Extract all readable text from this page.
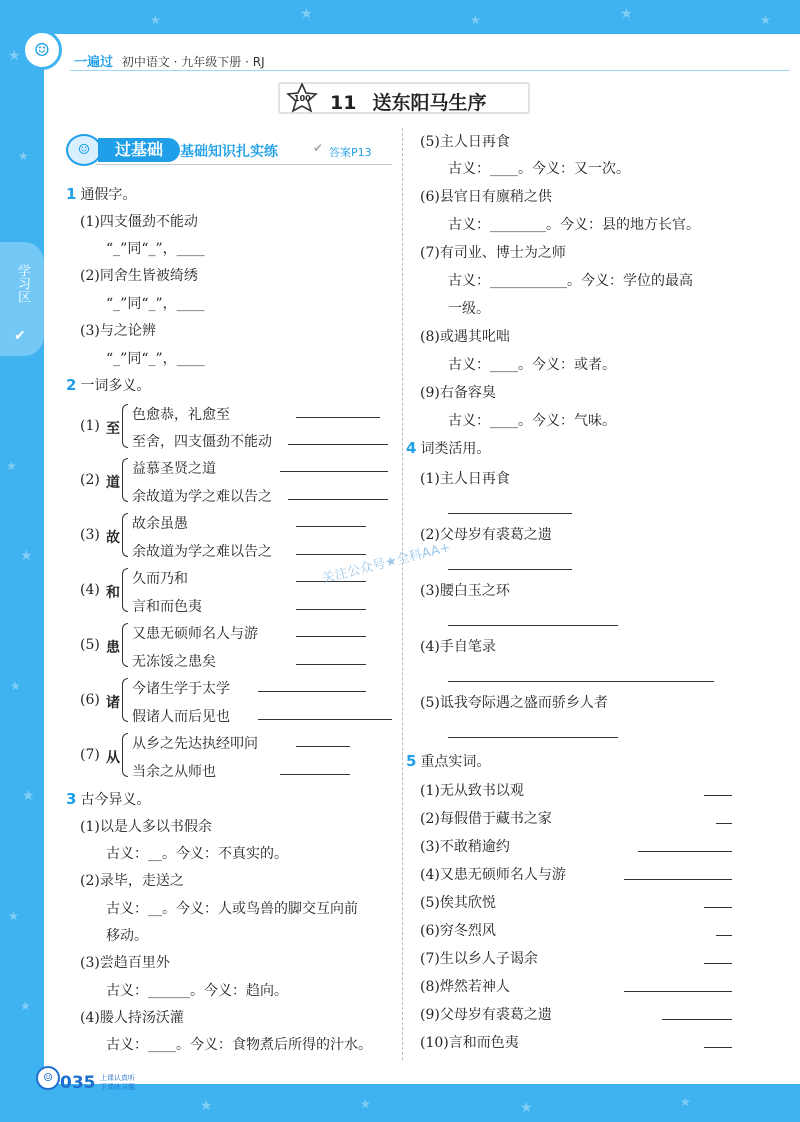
★
★
★
★
★
★
★
★
★	★	★	★	★
★	★	★	★
☺
一遍过 初中语文 · 九年级下册 · RJ
100 11 送东阳马生序
学习区
✔
☺	过基础	基础知识扎实练	✔ 答案P13
1 通假字。
(1)四支僵劲不能动
“_”同“_”，____
(2)同舍生皆被绮绣
“_”同“_”，____
(3)与之论辨
“_”同“_”，____
2 一词多义。
(1) 至
色愈恭，礼愈至
至舍，四支僵劲不能动
(2) 道
益慕圣贤之道
余故道为学之难以告之
(3) 故
故余虽愚
余故道为学之难以告之
(4) 和
久而乃和
言和而色夷
(5) 患
又患无硕师名人与游
无冻馁之患矣
(6) 诸
今诸生学于太学
假诸人而后见也
(7) 从
从乡之先达执经叩问
当余之从师也
3 古今异义。
(1)以是人多以书假余
古义：__。今义：不真实的。
(2)录毕，走送之
古义：__。今义：人或鸟兽的脚交互向前
移动。
(3)尝趋百里外
古义：______。今义：趋向。
(4)媵人持汤沃灌
古义：____。今义：食物煮后所得的汁水。
(5)主人日再食
古义：____。今义：又一次。
(6)县官日有廪稍之供
古义：________。今义：县的地方长官。
(7)有司业、博士为之师
古义：___________。今义：学位的最高
一级。
(8)或遇其叱咄
古义：____。今义：或者。
(9)右备容臭
古义：____。今义：气味。
4 词类活用。
(1)主人日再食
(2)父母岁有裘葛之遗
(3)腰白玉之环
(4)手自笔录
(5)诋我夸际遇之盛而骄乡人者
5 重点实词。
(1)无从致书以观
(2)每假借于藏书之家
(3)不敢稍逾约
(4)又患无硕师名人与游
(5)俟其欣悦
(6)穷冬烈风
(7)生以乡人子谒余
(8)烨然若神人
(9)父母岁有裘葛之遗
(10)言和而色夷
关注公众号★全科AA+
☺ 035 上课认真听
下课练习题
